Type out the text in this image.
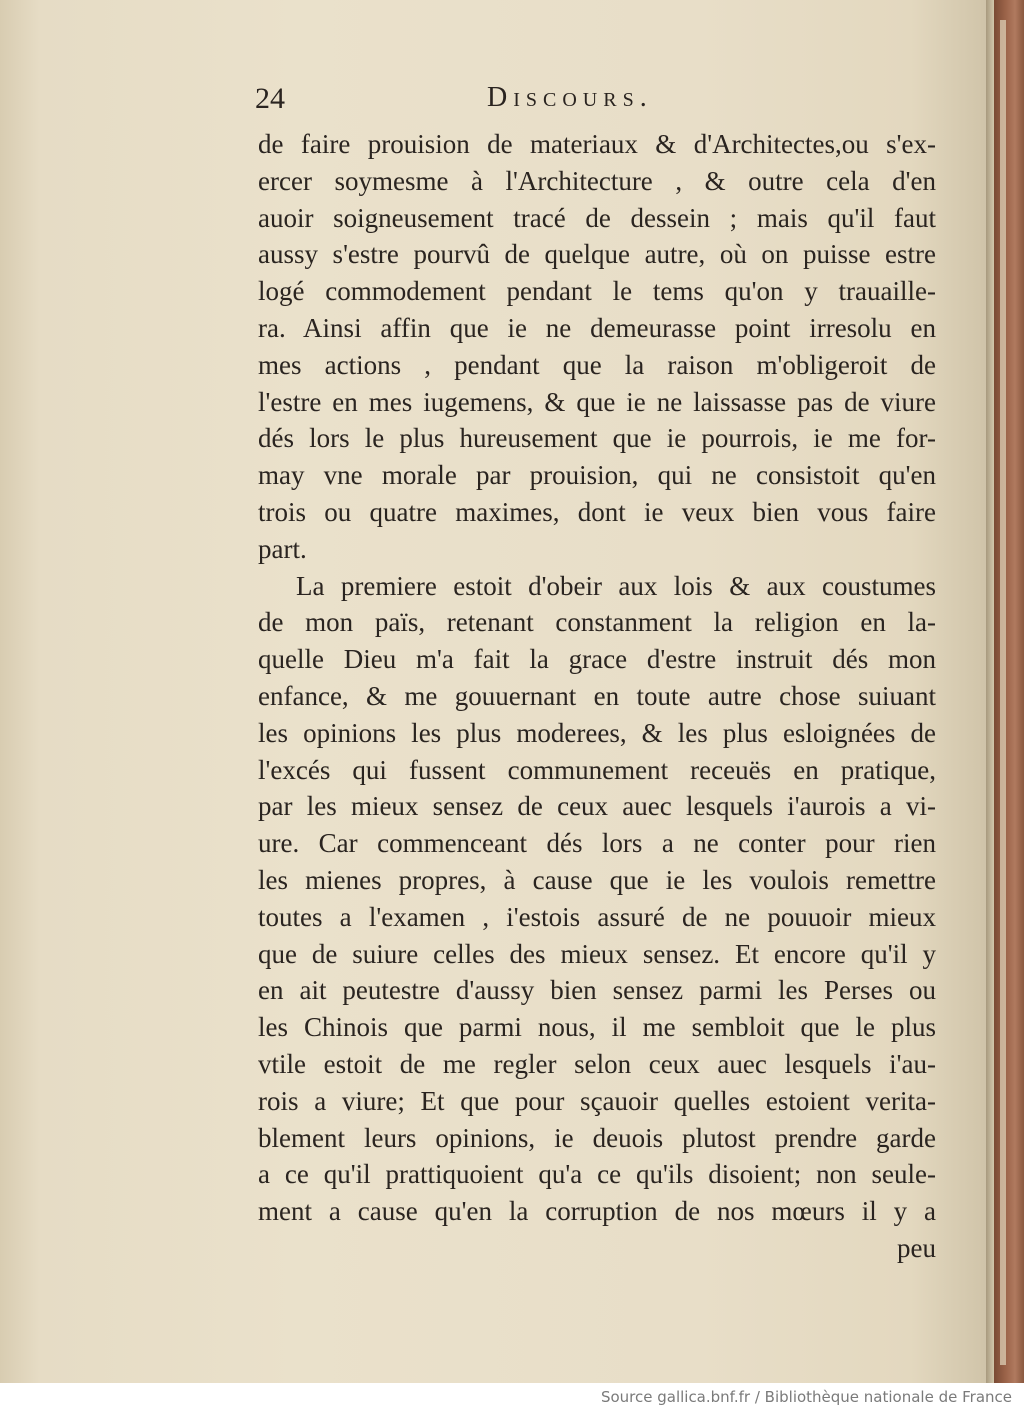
24	Discours.
de faire prouision de materiaux & d'Architectes,ou s'ex-
ercer soymesme à l'Architecture , & outre cela d'en
auoir soigneusement tracé de dessein ; mais qu'il faut
aussy s'estre pourvû de quelque autre, où on puisse estre
logé commodement pendant le tems qu'on y trauaille-
ra. Ainsi affin que ie ne demeurasse point irresolu en
mes actions , pendant que la raison m'obligeroit de
l'estre en mes iugemens, & que ie ne laissasse pas de viure
dés lors le plus hureusement que ie pourrois, ie me for-
may vne morale par prouision, qui ne consistoit qu'en
trois ou quatre maximes, dont ie veux bien vous faire
part.
La premiere estoit d'obeir aux lois & aux coustumes
de mon païs, retenant constanment la religion en la-
quelle Dieu m'a fait la grace d'estre instruit dés mon
enfance, & me gouuernant en toute autre chose suiuant
les opinions les plus moderees, & les plus esloignées de
l'excés qui fussent communement receuës en pratique,
par les mieux sensez de ceux auec lesquels i'aurois a vi-
ure. Car commenceant dés lors a ne conter pour rien
les mienes propres, à cause que ie les voulois remettre
toutes a l'examen , i'estois assuré de ne pouuoir mieux
que de suiure celles des mieux sensez. Et encore qu'il y
en ait peutestre d'aussy bien sensez parmi les Perses ou
les Chinois que parmi nous, il me sembloit que le plus
vtile estoit de me regler selon ceux auec lesquels i'au-
rois a viure; Et que pour sçauoir quelles estoient verita-
blement leurs opinions, ie deuois plutost prendre garde
a ce qu'il prattiquoient qu'a ce qu'ils disoient; non seule-
ment a cause qu'en la corruption de nos mœurs il y a
peu
Source gallica.bnf.fr / Bibliothèque nationale de France
